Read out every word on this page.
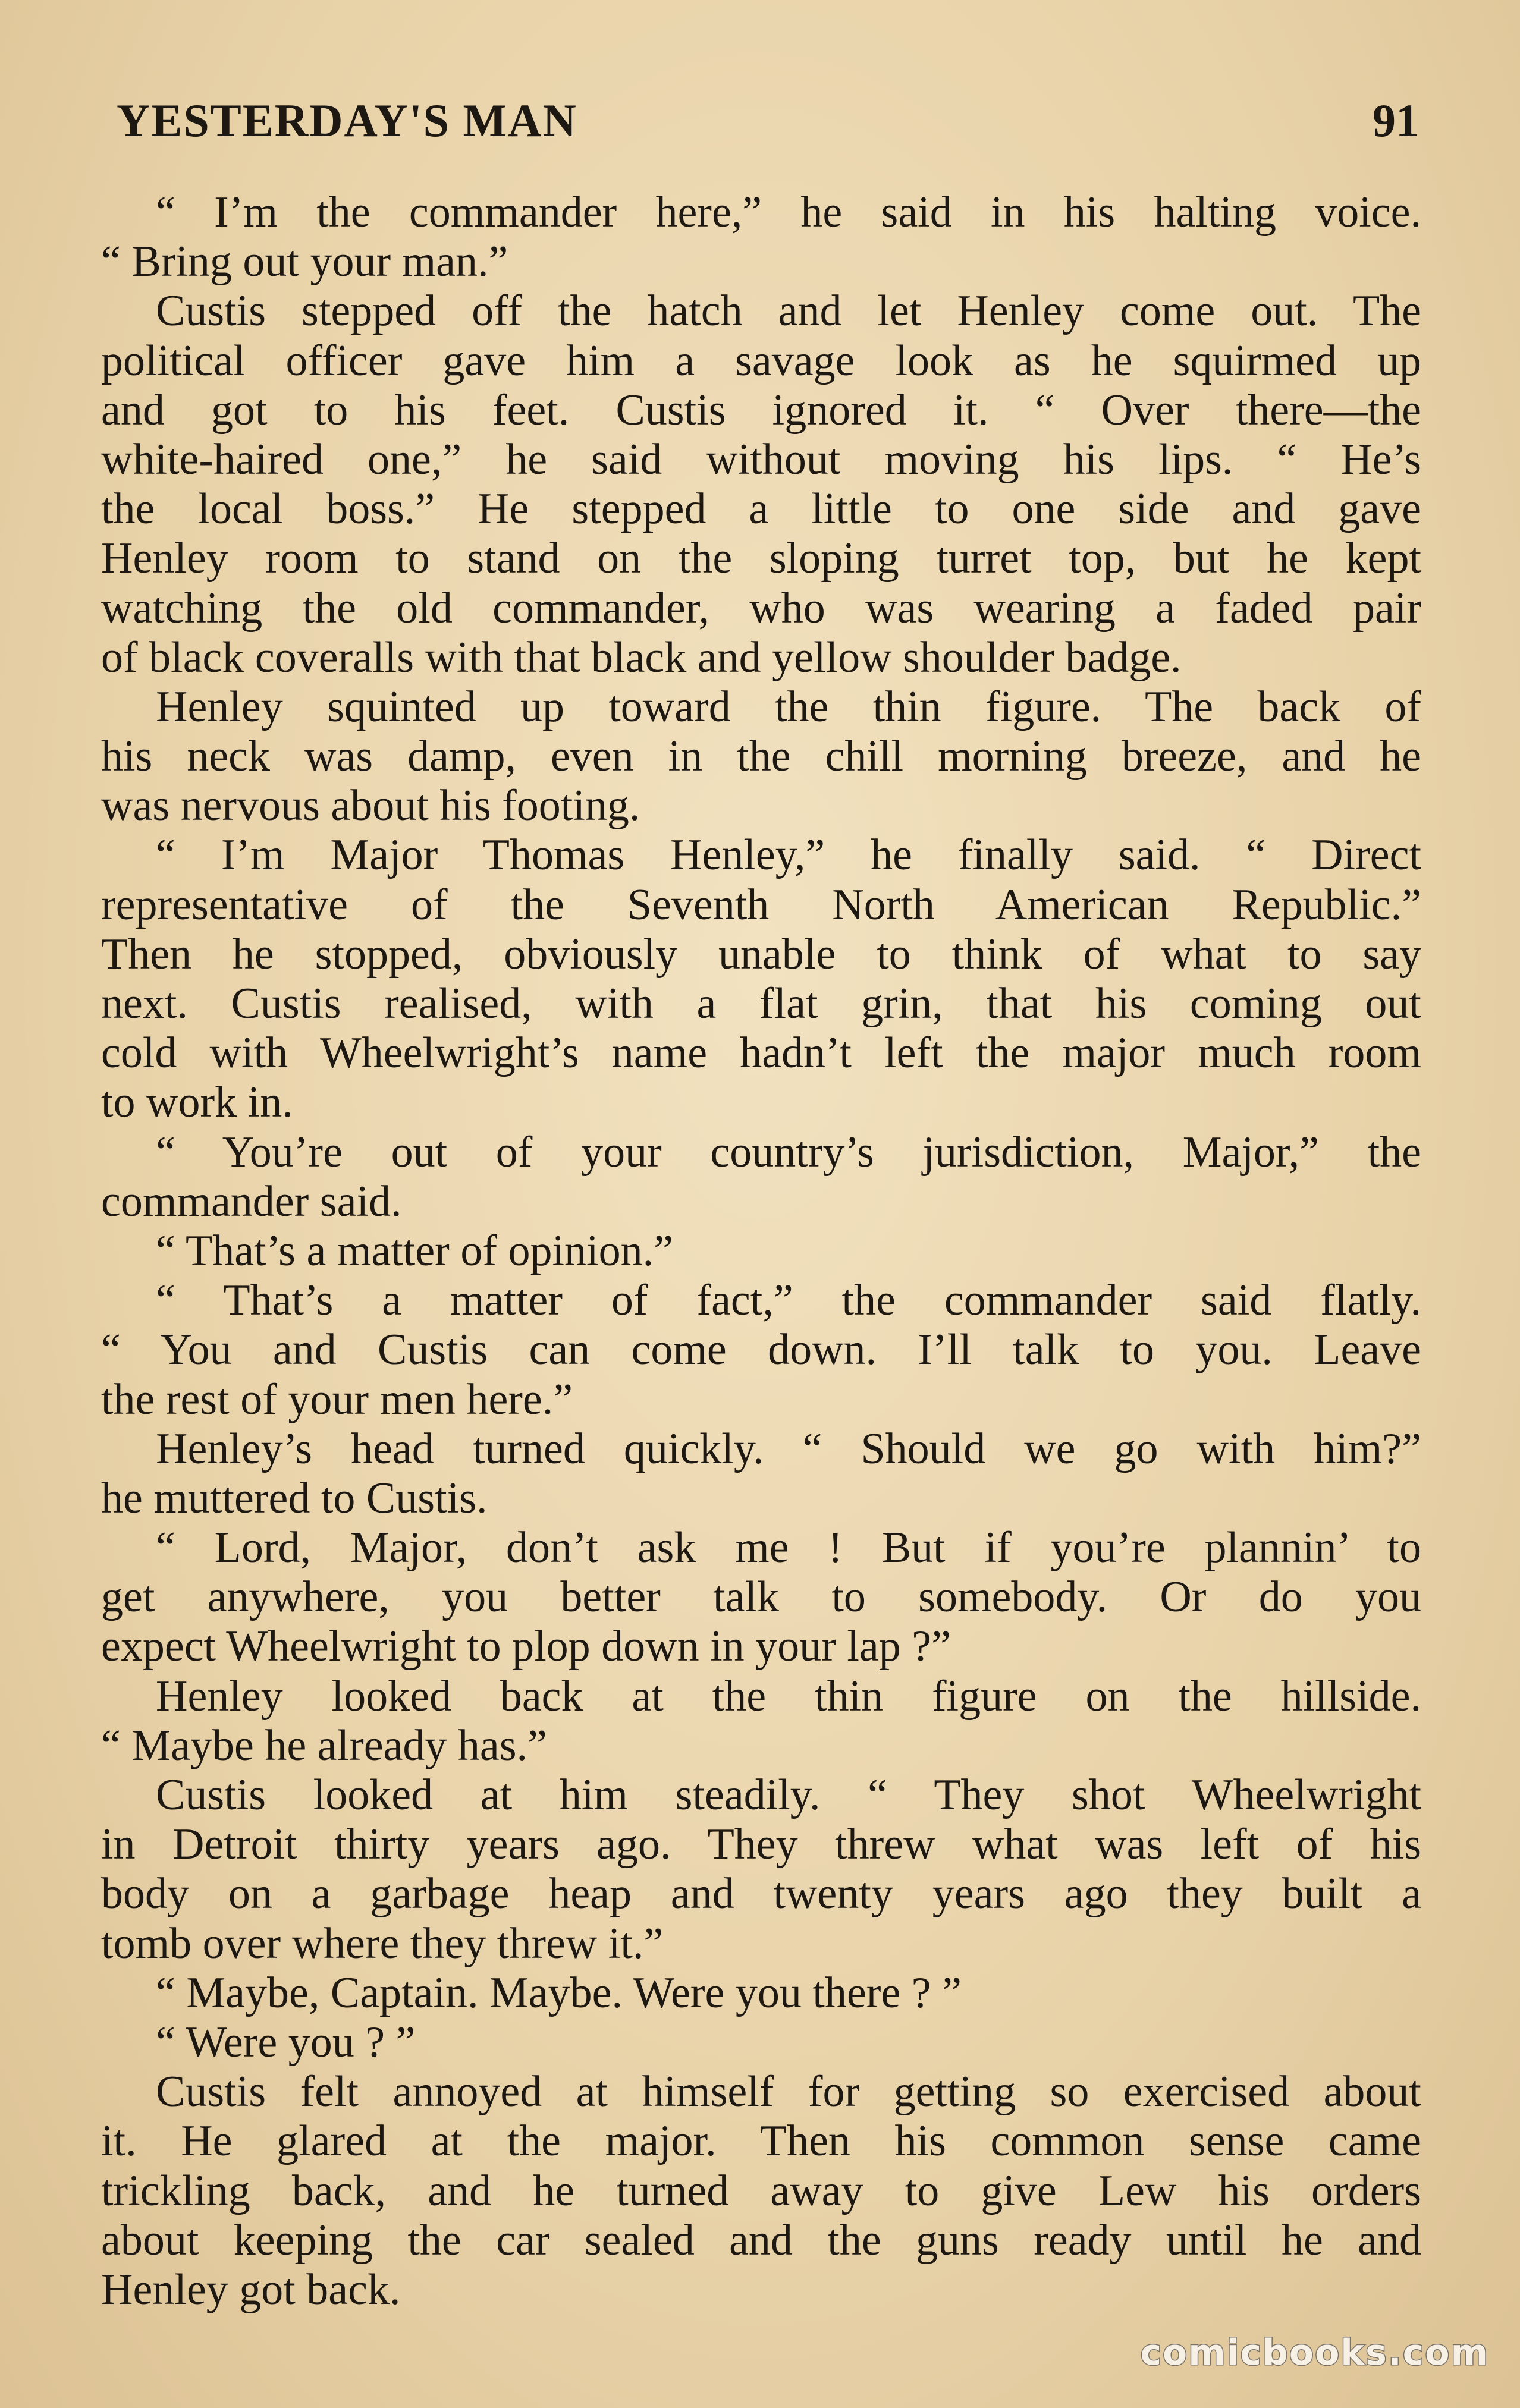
YESTERDAY'S MAN	91
“ I’m the commander here,” he said in his halting voice.
“ Bring out your man.”
Custis stepped off the hatch and let Henley come out. The
political officer gave him a savage look as he squirmed up
and got to his feet. Custis ignored it. “ Over there—the
white-haired one,” he said without moving his lips. “ He’s
the local boss.” He stepped a little to one side and gave
Henley room to stand on the sloping turret top, but he kept
watching the old commander, who was wearing a faded pair
of black coveralls with that black and yellow shoulder badge.
Henley squinted up toward the thin figure. The back of
his neck was damp, even in the chill morning breeze, and he
was nervous about his footing.
“ I’m Major Thomas Henley,” he finally said. “ Direct
representative of the Seventh North American Republic.”
Then he stopped, obviously unable to think of what to say
next. Custis realised, with a flat grin, that his coming out
cold with Wheelwright’s name hadn’t left the major much room
to work in.
“ You’re out of your country’s jurisdiction, Major,” the
commander said.
“ That’s a matter of opinion.”
“ That’s a matter of fact,” the commander said flatly.
“ You and Custis can come down. I’ll talk to you. Leave
the rest of your men here.”
Henley’s head turned quickly. “ Should we go with him?”
he muttered to Custis.
“ Lord, Major, don’t ask me ! But if you’re plannin’ to
get anywhere, you better talk to somebody. Or do you
expect Wheelwright to plop down in your lap ?”
Henley looked back at the thin figure on the hillside.
“ Maybe he already has.”
Custis looked at him steadily. “ They shot Wheelwright
in Detroit thirty years ago. They threw what was left of his
body on a garbage heap and twenty years ago they built a
tomb over where they threw it.”
“ Maybe, Captain. Maybe. Were you there ? ”
“ Were you ? ”
Custis felt annoyed at himself for getting so exercised about
it. He glared at the major. Then his common sense came
trickling back, and he turned away to give Lew his orders
about keeping the car sealed and the guns ready until he and
Henley got back.
comicbooks.com
